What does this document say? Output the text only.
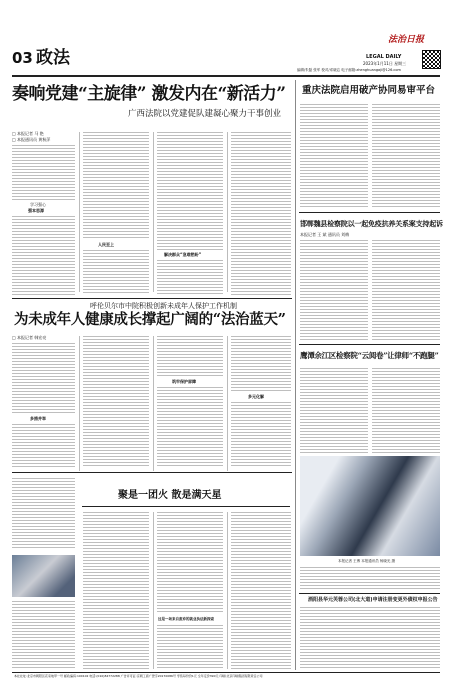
03 政法
法治日报
LEGAL DAILY
2023年1月11日 星期三
编辑/朱磊 张军 校对/邓晓忘 电子邮箱:zhenghuangaji@126.com
奏响党建“主旋律” 激发内在“新活力”
广西法院以党建促队建凝心聚力干事创业
□ 本报记者 马 艳
□ 本报通讯员 黄秋萍
学习强心
强本思源
人民至上
解决群众“急难愁盼”
呼伦贝尔市中院积极创新未成年人保护工作机制
为未成年人健康成长撑起广阔的“法治蓝天”
□ 本报记者 韩宏亮
多措并举
筑牢保护屏障
多元化解
聚是一团火 散是满天星
这是一场来自废弃的就业执法新探索
重庆法院启用破产协同易审平台
邯郸魏县检察院以一起免疫抗养关系案支持起诉
本报记者 王 斌 通讯员 刘梅
鹰潭余江区检察院“云阅卷”让律师“不跑腿”
本报记者 王博 本报通讯员 杨晓光 摄
酒阳县华元芙蓉公司(北大道)申请注册变更外债权申报公告
本社社址:北京市朝阳区花家地甲一号 邮政编码:100102 电话:(010)84772288 广告许可证:京朝工商广登字20170086号 零售每份价1元 全年定价390元 印刷:北京印刷集团有限责任公司
